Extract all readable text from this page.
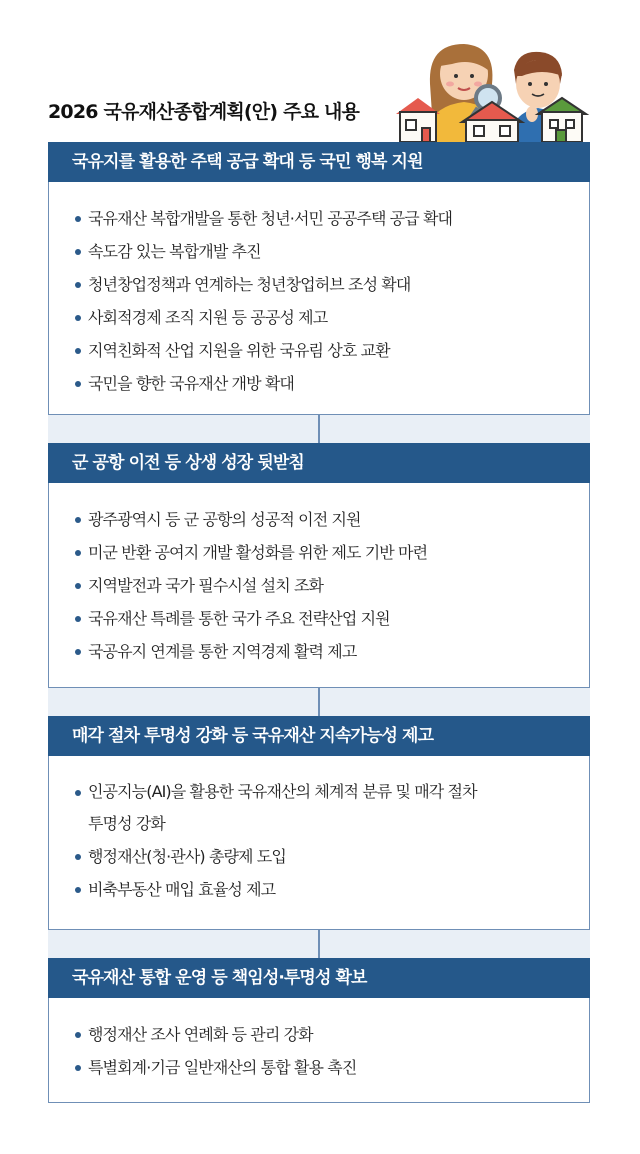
2026 국유재산종합계획(안) 주요 내용
국유지를 활용한 주택 공급 확대 등 국민 행복 지원
국유재산 복합개발을 통한 청년·서민 공공주택 공급 확대
속도감 있는 복합개발 추진
청년창업정책과 연계하는 청년창업허브 조성 확대
사회적경제 조직 지원 등 공공성 제고
지역친화적 산업 지원을 위한 국유림 상호 교환
국민을 향한 국유재산 개방 확대
군 공항 이전 등 상생 성장 뒷받침
광주광역시 등 군 공항의 성공적 이전 지원
미군 반환 공여지 개발 활성화를 위한 제도 기반 마련
지역발전과 국가 필수시설 설치 조화
국유재산 특례를 통한 국가 주요 전략산업 지원
국공유지 연계를 통한 지역경제 활력 제고
매각 절차 투명성 강화 등 국유재산 지속가능성 제고
인공지능(AI)을 활용한 국유재산의 체계적 분류 및 매각 절차 투명성 강화
행정재산(청·관사) 총량제 도입
비축부동산 매입 효율성 제고
국유재산 통합 운영 등 책임성·투명성 확보
행정재산 조사 연례화 등 관리 강화
특별회계·기금 일반재산의 통합 활용 촉진
